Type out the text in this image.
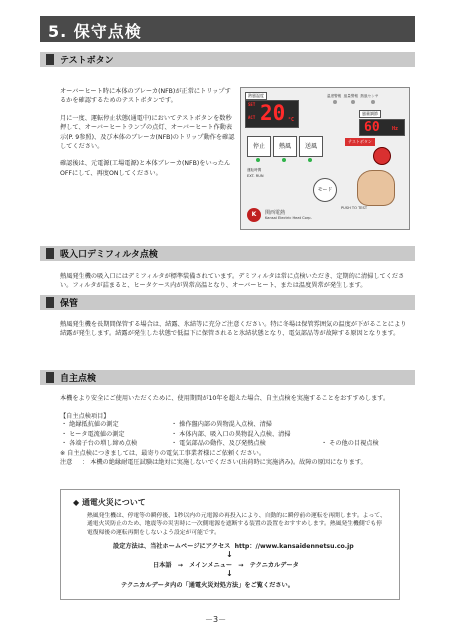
5. 保守点検
テストボタン

オーバーヒート時に本体のブレーカ(NFB)が正常にトリップするかを確認するためのテストボタンです。

月に一度、運転停止状態(通電中)においてテストボタンを数秒押して、オーバーヒートランプの点灯、オーバーヒート作動表示(P. 9参照)、及び本体のブレーカ(NFB)のトリップ動作を確認してください。

確認後は、元電源(工場電源)と本体ブレーカ(NFB)をいったんOFFにして、再度ONしてください。

熱風温度
SET
ACT 20 °C
温度警報 風量警報 熱風センサ
風量調節
60 Hz
停止	熱風	送風
テストボタン
モード
運転時間
EXT. RUN
PUSH TO TEST
K	関西電熱
Kansai Electric Heat Corp.
吸入口デミフィルタ点検
熱風発生機の吸入口にはデミフィルタが標準装備されています。デミフィルタは常に点検いただき、定期的に清掃してください。フィルタが詰まると、ヒータケース内が異常高温となり、オーバーヒート、または温度異常が発生します。
保管
熱風発生機を長期間保管する場合は、結露、氷結等に充分ご注意ください。特に冬場は保管雰囲気の温度が下がることにより結露が発生します。結露が発生した状態で低温下に保管されると氷結状態となり、電気部品等が故障する原因となります。
自主点検
本機をより安全にご使用いただくために、使用期間が10年を超えた場合、自主点検を実施することをおすすめします。
【自主点検項目】
・ 絶縁抵抗値の測定	・ 操作盤内部の異物混入点検、清掃
・ ヒータ電流値の測定	・ 本体内部、吸入口の異物混入点検、清掃
・ 各端子台の増し締め点検	・ 電気部品の動作、及び発熱点検	・ その他の目視点検
※ 自主点検につきましては、最寄りの電気工事業者様にご依頼ください。
注意	： 本機の絶縁耐電圧試験は絶対に実施しないでください(出荷時に実施済み)。故障の原因になります。
◆ 通電火災について
熱風発生機は、停電等の瞬停後、1秒以内の元電源の再投入により、自動的に瞬停前の運転を再開します。よって、通電火災防止のため、地震等の災害時に一次側電源を遮断する装置の設置をおすすめします。熱風発生機側でも停電復帰後の運転再開をしないよう設定が可能です。
設定方法は、当社ホームページにアクセス http：//www.kansaidennetsu.co.jp
↓
日本語　→　メインメニュー　→　テクニカルデータ
↓
テクニカルデータ内の「通電火災対処方法」をご覧ください。
－3－
